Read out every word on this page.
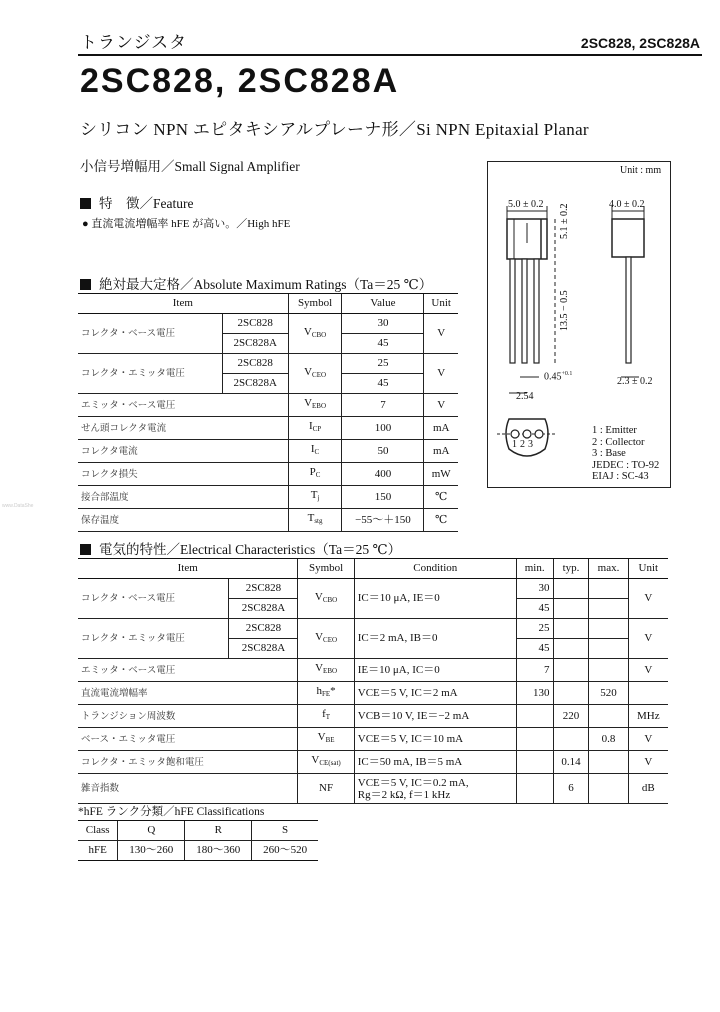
トランジスタ	2SC828, 2SC828A
2SC828, 2SC828A
シリコン NPN エピタキシアルプレーナ形／Si NPN Epitaxial Planar
小信号増幅用／Small Signal Amplifier
特　徴／Feature
● 直流電流増幅率 hFE が高い。／High hFE
絶対最大定格／Absolute Maximum Ratings（Ta＝25 ℃）
Item		Symbol	Value	Unit
コレクタ・ベース電圧	2SC828	$V_{CBO}$	30	V
	2SC828A		45	
コレクタ・エミッタ電圧	2SC828	$V_{CEO}$	25	V
	2SC828A		45	
エミッタ・ベース電圧		$V_{EBO}$	7	V
せん頭コレクタ電流		$I_{CP}$	100	mA
コレクタ電流		$I_C$	50	mA
コレクタ損失		$P_C$	400	mW
接合部温度		$T_j$	150	℃
保存温度		$T_{stg}$	−55～＋150	℃
Unit : mm
5.1 ± 0.2
13.5 − 0.5
5.0 ± 0.2	4.0 ± 0.2
$0.45^{+0.1}$
2.54
2.3 ± 0.2
123
1 : Emitter
2 : Collector
3 : Base
JEDEC : TO-92
EIAJ : SC-43
www.DataShe
電気的特性／Electrical Characteristics（Ta＝25 ℃）
Item		Symbol	Condition	min.	typ.	max.	Unit
コレクタ・ベース電圧	2SC828	$V_{CBO}$	IC＝10 μA, IE＝0	30			V
	2SC828A			45			
コレクタ・エミッタ電圧	2SC828	$V_{CEO}$	IC＝2 mA, IB＝0	25			V
	2SC828A			45			
エミッタ・ベース電圧		$V_{EBO}$	IE＝10 μA, IC＝0	7			V
直流電流増幅率		$h_{FE}*$	VCE＝5 V, IC＝2 mA	130		520	
トランジション周波数		$f_T$	VCB＝10 V, IE＝−2 mA		220		MHz
ベース・エミッタ電圧		$V_{BE}$	VCE＝5 V, IC＝10 mA			0.8	V
コレクタ・エミッタ飽和電圧		$V_{CE(sat)}$	IC＝50 mA, IB＝5 mA		0.14		V
雑音指数		NF	VCE＝5 V, IC＝0.2 mA,
Rg＝2 kΩ, f＝1 kHz		6		dB
*hFE ランク分類／hFE Classifications
Class	Q	R	S
hFE	130～260	180～360	260～520
